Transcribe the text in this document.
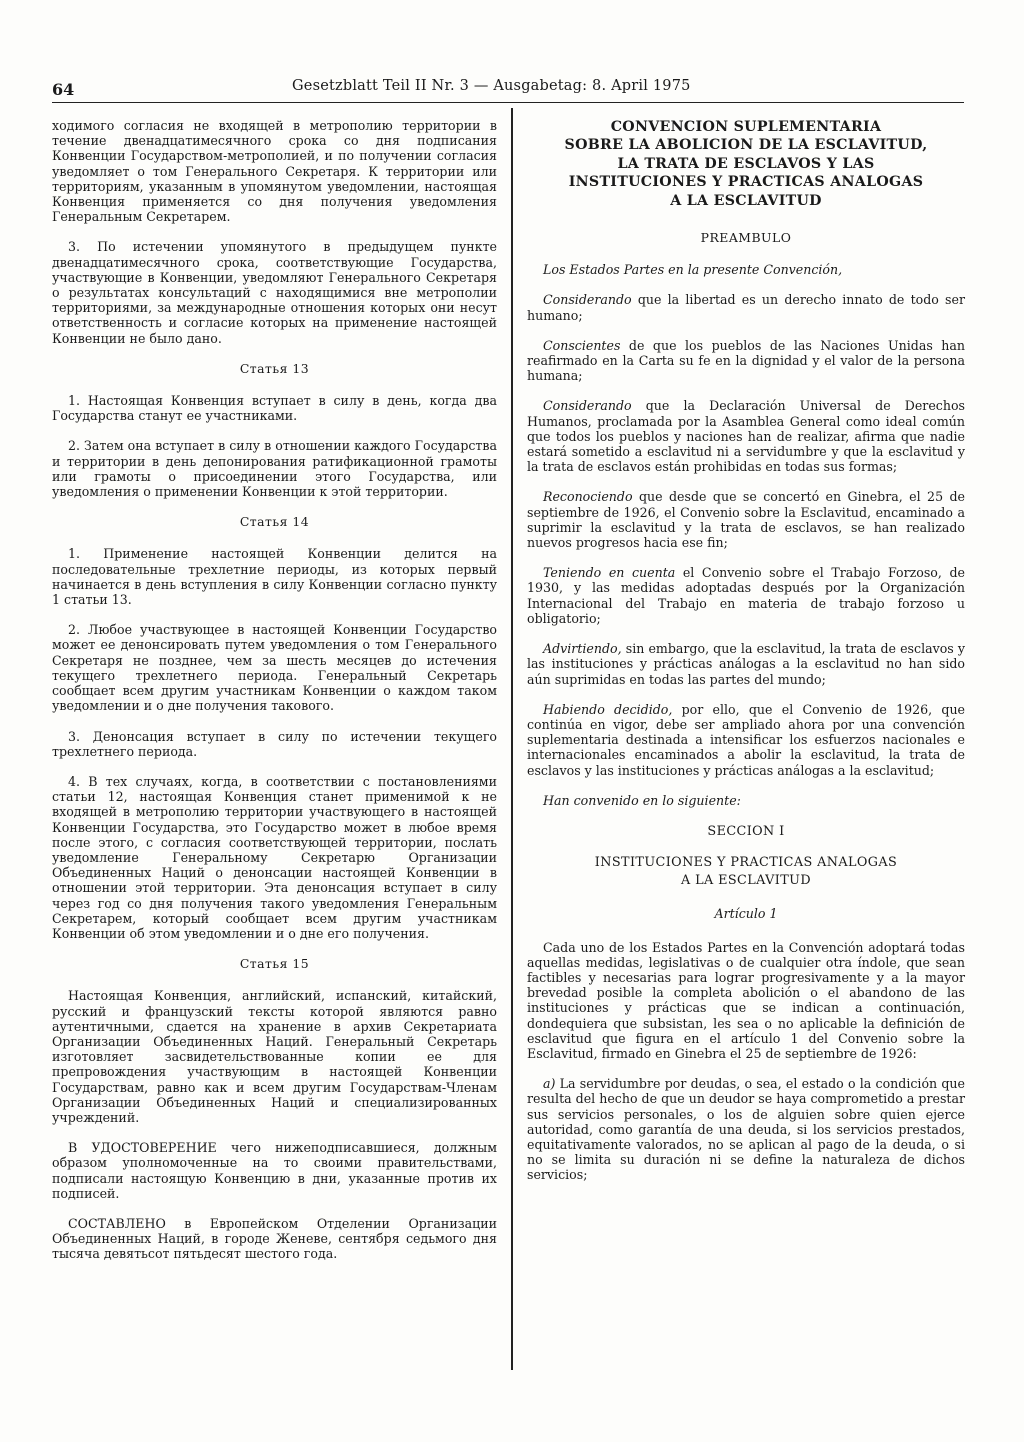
64	Gesetzblatt Teil II Nr. 3 — Ausgabetag: 8. April 1975

ходимого согласия не входящей в метрополию территории в течение двенадцатимесячного срока со дня подписания Конвенции Государством-метрополией, и по получении согласия уведомляет о том Генерального Секретаря. К территории или территориям, указанным в упомянутом уведомлении, настоящая Конвенция применяется со дня получения уведомления Генеральным Секретарем.

3. По истечении упомянутого в предыдущем пункте двенадцатимесячного срока, соответствующие Государства, участвующие в Конвенции, уведомляют Генерального Секретаря о результатах консультаций с находящимися вне метрополии территориями, за международные отношения которых они несут ответственность и согласие которых на применение настоящей Конвенции не было дано.

Статья 13

1. Настоящая Конвенция вступает в силу в день, когда два Государства станут ее участниками.

2. Затем она вступает в силу в отношении каждого Государства и территории в день депонирования ратификационной грамоты или грамоты о присоединении этого Государства, или уведомления о применении Конвенции к этой территории.

Статья 14

1. Применение настоящей Конвенции делится на последовательные трехлетние периоды, из которых первый начинается в день вступления в силу Конвенции согласно пункту 1 статьи 13.

2. Любое участвующее в настоящей Конвенции Государство может ее денонсировать путем уведомления о том Генерального Секретаря не позднее, чем за шесть месяцев до истечения текущего трехлетнего периода. Генеральный Секретарь сообщает всем другим участникам Конвенции о каждом таком уведомлении и о дне получения такового.

3. Денонсация вступает в силу по истечении текущего трехлетнего периода.

4. В тех случаях, когда, в соответствии с постановлениями статьи 12, настоящая Конвенция станет применимой к не входящей в метрополию территории участвующего в настоящей Конвенции Государства, это Государство может в любое время после этого, с согласия соответствующей территории, послать уведомление Генеральному Секретарю Организации Объединенных Наций о денонсации настоящей Конвенции в отношении этой территории. Эта денонсация вступает в силу через год со дня получения такого уведомления Генеральным Секретарем, который сообщает всем другим участникам Конвенции об этом уведомлении и о дне его получения.

Статья 15

Настоящая Конвенция, английский, испанский, китайский, русский и французский тексты которой являются равно аутентичными, сдается на хранение в архив Секретариата Организации Объединенных Наций. Генеральный Секретарь изготовляет засвидетельствованные копии ее для препровождения участвующим в настоящей Конвенции Государствам, равно как и всем другим Государствам-Членам Организации Объединенных Наций и специализированных учреждений.

В УДОСТОВЕРЕНИЕ чего нижеподписавшиеся, должным образом уполномоченные на то своими правительствами, подписали настоящую Конвенцию в дни, указанные против их подписей.

СОСТАВЛЕНО в Европейском Отделении Организации Объединенных Наций, в городе Женеве, сентября седьмого дня тысяча девятьсот пятьдесят шестого года.

CONVENCION SUPLEMENTARIA
SOBRE LA ABOLICION DE LA ESCLAVITUD,
LA TRATA DE ESCLAVOS Y LAS
INSTITUCIONES Y PRACTICAS ANALOGAS
A LA ESCLAVITUD
PREAMBULO

Los Estados Partes en la presente Convención,

Considerando que la libertad es un derecho innato de todo ser humano;

Conscientes de que los pueblos de las Naciones Unidas han reafirmado en la Carta su fe en la dignidad y el valor de la persona humana;

Considerando que la Declaración Universal de Derechos Humanos, proclamada por la Asamblea General como ideal común que todos los pueblos y naciones han de realizar, afirma que nadie estará sometido a esclavitud ni a servidumbre y que la esclavitud y la trata de esclavos están prohibidas en todas sus formas;

Reconociendo que desde que se concertó en Ginebra, el 25 de septiembre de 1926, el Convenio sobre la Esclavitud, encaminado a suprimir la esclavitud y la trata de esclavos, se han realizado nuevos progresos hacia ese fin;

Teniendo en cuenta el Convenio sobre el Trabajo Forzoso, de 1930, y las medidas adoptadas después por la Organización Internacional del Trabajo en materia de trabajo forzoso u obligatorio;

Advirtiendo, sin embargo, que la esclavitud, la trata de esclavos y las instituciones y prácticas análogas a la esclavitud no han sido aún suprimidas en todas las partes del mundo;

Habiendo decidido, por ello, que el Convenio de 1926, que continúa en vigor, debe ser ampliado ahora por una convención suplementaria destinada a intensificar los esfuerzos nacionales e internacionales encaminados a abolir la esclavitud, la trata de esclavos y las instituciones y prácticas análogas a la esclavitud;

Han convenido en lo siguiente:

SECCION I
INSTITUCIONES Y PRACTICAS ANALOGAS
A LA ESCLAVITUD
Artículo 1

Cada uno de los Estados Partes en la Convención adoptará todas aquellas medidas, legislativas o de cualquier otra índole, que sean factibles y necesarias para lograr progresivamente y a la mayor brevedad posible la completa abolición o el abandono de las instituciones y prácticas que se indican a continuación, dondequiera que subsistan, les sea o no aplicable la definición de esclavitud que figura en el artículo 1 del Convenio sobre la Esclavitud, firmado en Ginebra el 25 de septiembre de 1926:

a) La servidumbre por deudas, o sea, el estado o la condición que resulta del hecho de que un deudor se haya comprometido a prestar sus servicios personales, o los de alguien sobre quien ejerce autoridad, como garantía de una deuda, si los servicios prestados, equitativamente valorados, no se aplican al pago de la deuda, o si no se limita su duración ni se define la naturaleza de dichos servicios;
